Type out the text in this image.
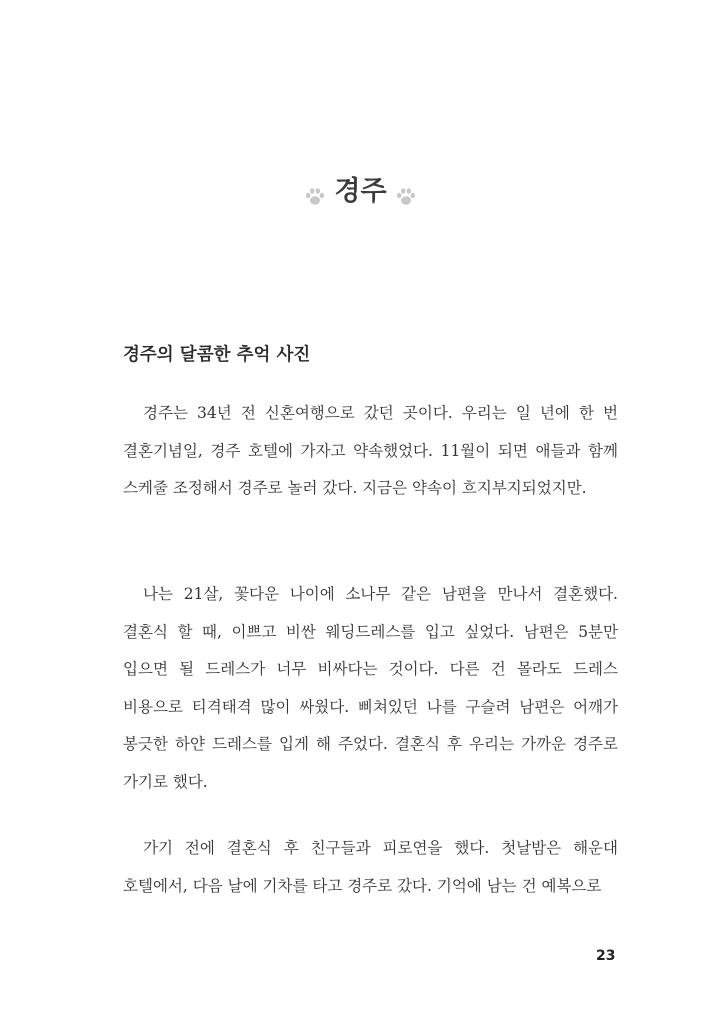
경주
경주의 달콤한 추억 사진

경주는 34년 전 신혼여행으로 갔던 곳이다. 우리는 일 년에 한 번 결혼기념일, 경주 호텔에 가자고 약속했었다. 11월이 되면 애들과 함께 스케줄 조정해서 경주로 놀러 갔다. 지금은 약속이 흐지부지되었지만.

나는 21살, 꽃다운 나이에 소나무 같은 남편을 만나서 결혼했다. 결혼식 할 때, 이쁘고 비싼 웨딩드레스를 입고 싶었다. 남편은 5분만 입으면 될 드레스가 너무 비싸다는 것이다. 다른 건 몰라도 드레스 비용으로 티격태격 많이 싸웠다. 삐쳐있던 나를 구슬려 남편은 어깨가 봉긋한 하얀 드레스를 입게 해 주었다. 결혼식 후 우리는 가까운 경주로 가기로 했다.

가기 전에 결혼식 후 친구들과 피로연을 했다. 첫날밤은 해운대 호텔에서, 다음 날에 기차를 타고 경주로 갔다. 기억에 남는 건 예복으로

23
